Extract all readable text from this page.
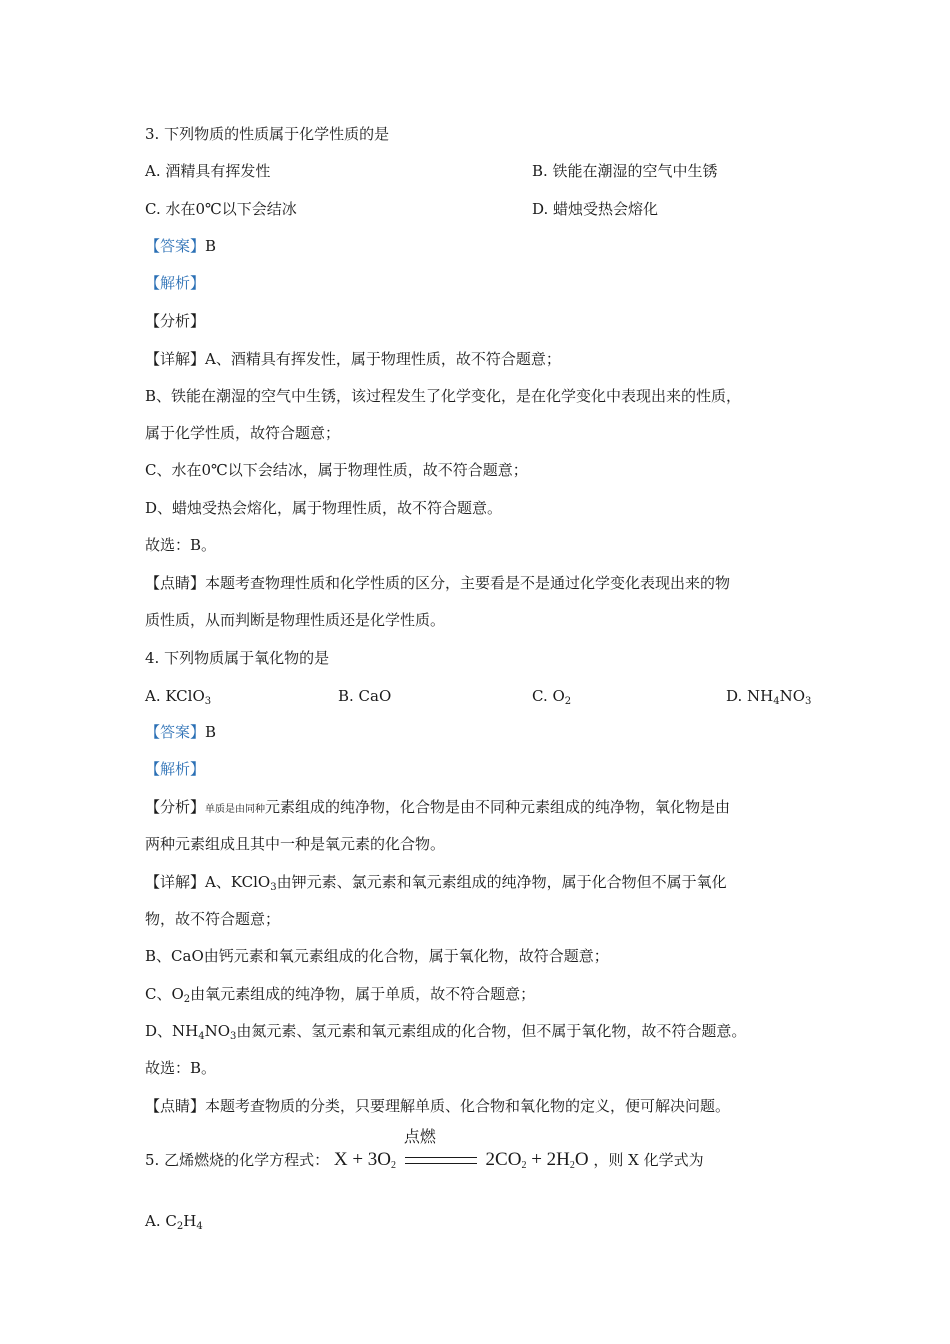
3. 下列物质的性质属于化学性质的是
A. 酒精具有挥发性	B. 铁能在潮湿的空气中生锈
C. 水在0℃以下会结冰	D. 蜡烛受热会熔化
【答案】B
【解析】
【分析】
【详解】A、酒精具有挥发性，属于物理性质，故不符合题意；
B、铁能在潮湿的空气中生锈，该过程发生了化学变化，是在化学变化中表现出来的性质，
属于化学性质，故符合题意；
C、水在0℃以下会结冰，属于物理性质，故不符合题意；
D、蜡烛受热会熔化，属于物理性质，故不符合题意。
故选：B。
【点睛】本题考查物理性质和化学性质的区分，主要看是不是通过化学变化表现出来的物
质性质，从而判断是物理性质还是化学性质。
4. 下列物质属于氧化物的是
A. KClO$_3$	B. CaO	C. $O_2$	D. $NH_4NO_3$
【答案】B
【解析】
【分析】单质是由同种元素组成的纯净物，化合物是由不同种元素组成的纯净物，氧化物是由
两种元素组成且其中一种是氧元素的化合物。
【详解】A、KClO$_3$由钾元素、氯元素和氧元素组成的纯净物，属于化合物但不属于氧化
物，故不符合题意；
B、CaO由钙元素和氧元素组成的化合物，属于氧化物，故符合题意；
C、$O_2$由氧元素组成的纯净物，属于单质，故不符合题意；
D、$NH_4NO_3$由氮元素、氢元素和氧元素组成的化合物，但不属于氧化物，故不符合题意。
故选：B。
【点睛】本题考查物质的分类，只要理解单质、化合物和氧化物的定义，便可解决问题。
5. 乙烯燃烧的化学方程式： $X + 3O_2$
点燃
$2CO_2 + 2H_2O$ ，则 X 化学式为
A. $C_2H_4$
